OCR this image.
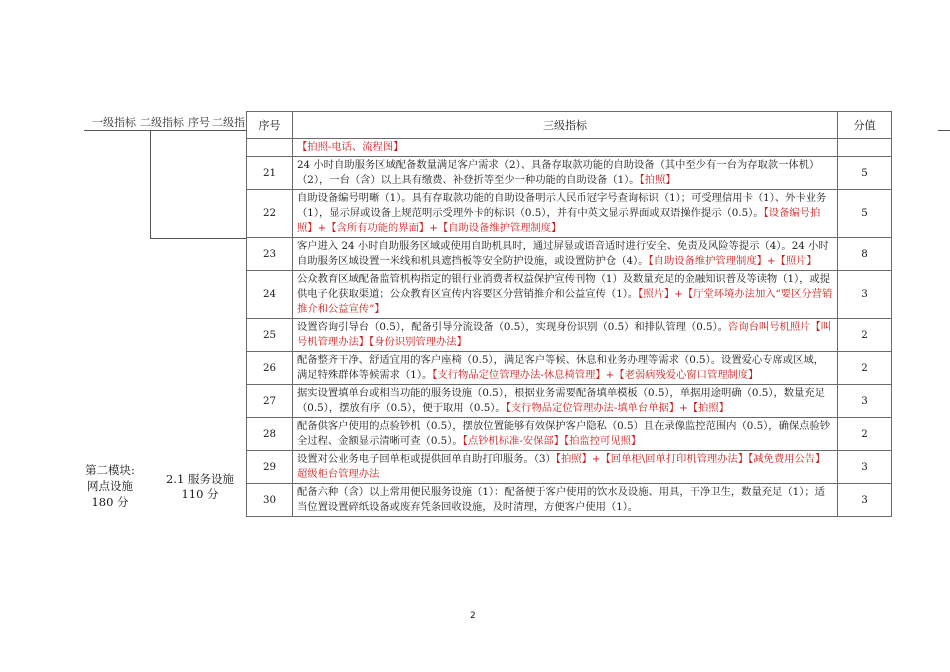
一级指标 二级指标 序号 二级指
第二模块:
网点设施
180 分
2.1 服务设施
110 分
序号	三级指标	分值
	【拍照-电话、流程图】	
21	24 小时自助服务区域配备数量满足客户需求（2）、具备存取款功能的自助设备（其中至少有一台为存取款一体机）（2），一台（含）以上具有缴费、补登折等至少一种功能的自助设备（1）。【拍照】	5
22	自助设备编号明晰（1）。具有存取款功能的自助设备明示人民币冠字号查询标识（1）；可受理信用卡（1）、外卡业务（1），显示屏或设备上规范明示受理外卡的标识（0.5），并有中英文显示界面或双语操作提示（0.5）。【设备编号拍照】+【含所有功能的界面】+【自助设备维护管理制度】	5
23	客户进入 24 小时自助服务区域或使用自助机具时，通过屏显或语音适时进行安全、免责及风险等提示（4）。24 小时自助服务区域设置一米线和机具遮挡板等安全防护设施，或设置防护仓（4）。【自助设备维护管理制度】+【照片】	8
24	公众教育区域配备监管机构指定的银行业消费者权益保护宣传刊物（1）及数量充足的金融知识普及等读物（1），或提供电子化获取渠道；公众教育区宣传内容要区分营销推介和公益宣传（1）。【照片】+【厅堂环境办法加入“要区分营销推介和公益宣传”】	3
25	设置咨询引导台（0.5），配备引导分流设备（0.5），实现身份识别（0.5）和排队管理（0.5）。咨询台叫号机照片【叫号机管理办法】【身份识别管理办法】	2
26	配备整齐干净、舒适宜用的客户座椅（0.5），满足客户等候、休息和业务办理等需求（0.5）。设置爱心专席或区域，满足特殊群体等候需求（1）。【支行物品定位管理办法-休息椅管理】+【老弱病残爱心窗口管理制度】	2
27	据实设置填单台或相当功能的服务设施（0.5），根据业务需要配备填单模板（0.5），单据用途明确（0.5），数量充足（0.5），摆放有序（0.5），便于取用（0.5）。【支行物品定位管理办法-填单台单据】+【拍照】	3
28	配备供客户使用的点验钞机（0.5），摆放位置能够有效保护客户隐私（0.5）且在录像监控范围内（0.5），确保点验钞全过程、金额显示清晰可查（0.5）。【点钞机标准-安保部】【拍监控可见照】	2
29	设置对公业务电子回单柜或提供回单自助打印服务。（3）【拍照】+【回单柜\回单打印机管理办法】【减免费用公告】超级柜台管理办法	3
30	配备六种（含）以上常用便民服务设施（1）：配备便于客户使用的饮水及设施、用具，干净卫生，数量充足（1）；适当位置设置碎纸设备或废弃凭条回收设施，及时清理，方便客户使用（1）。	3
2
